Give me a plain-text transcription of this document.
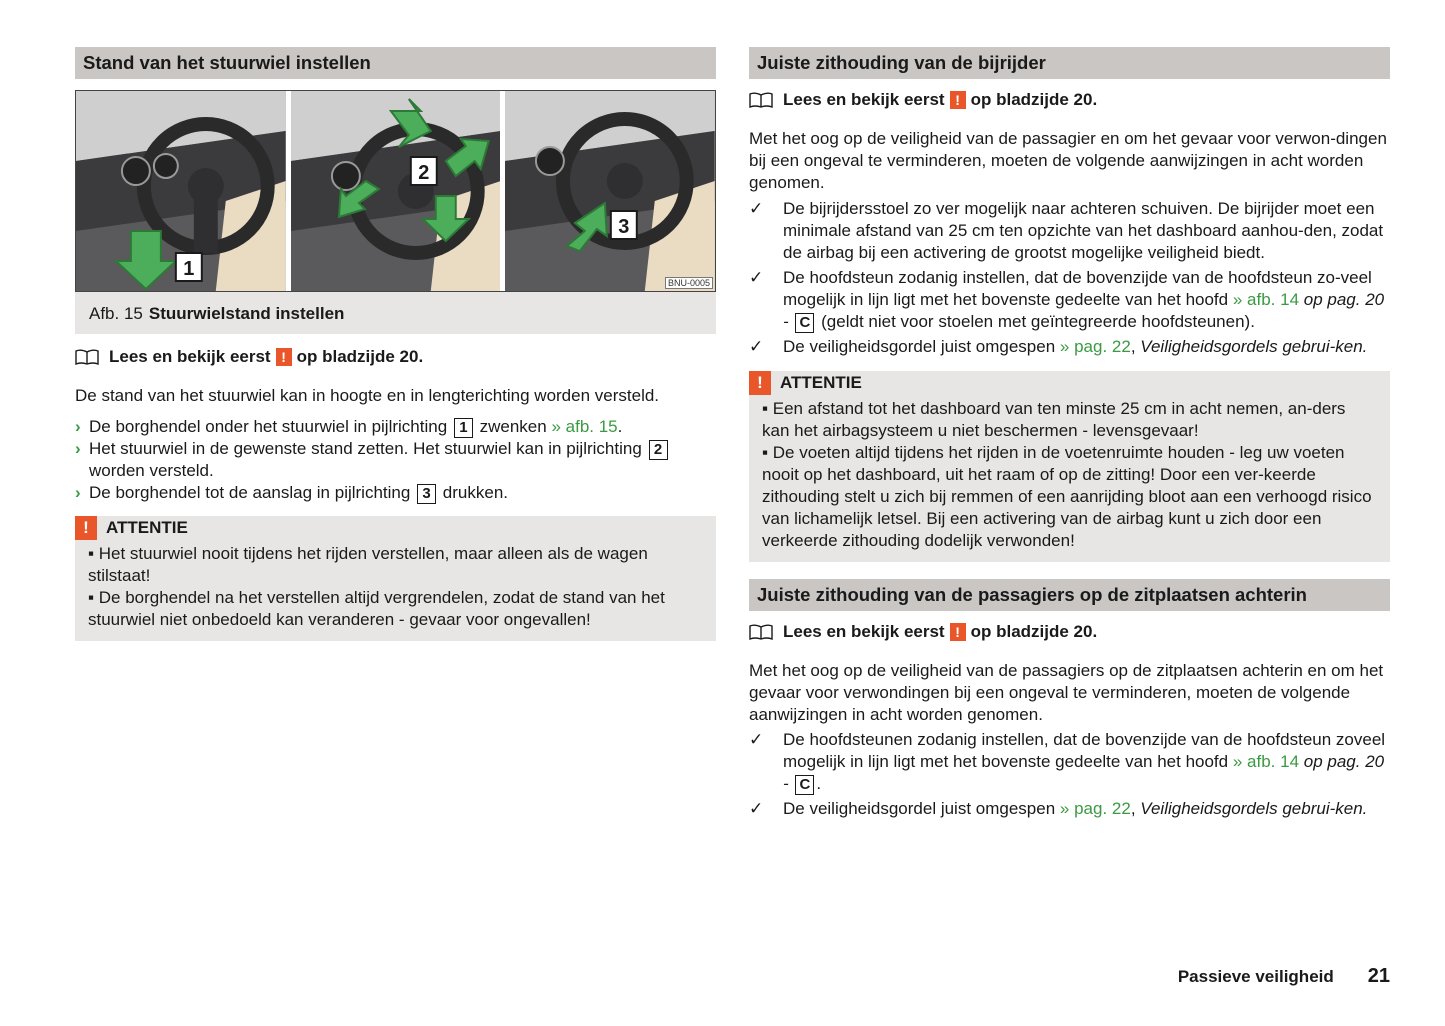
Stand van het stuurwiel instellen
1
2
3
BNU-0005
Afb. 15 Stuurwielstand instellen
Lees en bekijk eerst ! op bladzijde 20.
De stand van het stuurwiel kan in hoogte en in lengterichting worden versteld.
› De borghendel onder het stuurwiel in pijlrichting 1 zwenken » afb. 15.
› Het stuurwiel in de gewenste stand zetten. Het stuurwiel kan in pijlrichting 2 worden versteld.
› De borghendel tot de aanslag in pijlrichting 3 drukken.
!	ATTENTIE
▪ Het stuurwiel nooit tijdens het rijden verstellen, maar alleen als de wagen stilstaat!
▪ De borghendel na het verstellen altijd vergrendelen, zodat de stand van het stuurwiel niet onbedoeld kan veranderen - gevaar voor ongevallen!
Juiste zithouding van de bijrijder
Lees en bekijk eerst ! op bladzijde 20.
Met het oog op de veiligheid van de passagier en om het gevaar voor verwon-dingen bij een ongeval te verminderen, moeten de volgende aanwijzingen in acht worden genomen.
✓ De bijrijdersstoel zo ver mogelijk naar achteren schuiven. De bijrijder moet een minimale afstand van 25 cm ten opzichte van het dashboard aanhou-den, zodat de airbag bij een activering de grootst mogelijke veiligheid biedt.
✓ De hoofdsteun zodanig instellen, dat de bovenzijde van de hoofdsteun zo-veel mogelijk in lijn ligt met het bovenste gedeelte van het hoofd » afb. 14 op pag. 20 - C (geldt niet voor stoelen met geïntegreerde hoofdsteunen).
✓ De veiligheidsgordel juist omgespen » pag. 22, Veiligheidsgordels gebrui-ken.
!	ATTENTIE
▪ Een afstand tot het dashboard van ten minste 25 cm in acht nemen, an-ders kan het airbagsysteem u niet beschermen - levensgevaar!
▪ De voeten altijd tijdens het rijden in de voetenruimte houden - leg uw voeten nooit op het dashboard, uit het raam of op de zitting! Door een ver-keerde zithouding stelt u zich bij remmen of een aanrijding bloot aan een verhoogd risico van lichamelijk letsel. Bij een activering van de airbag kunt u zich door een verkeerde zithouding dodelijk verwonden!
Juiste zithouding van de passagiers op de zitplaatsen achterin
Lees en bekijk eerst ! op bladzijde 20.
Met het oog op de veiligheid van de passagiers op de zitplaatsen achterin en om het gevaar voor verwondingen bij een ongeval te verminderen, moeten de volgende aanwijzingen in acht worden genomen.
✓ De hoofdsteunen zodanig instellen, dat de bovenzijde van de hoofdsteun zoveel mogelijk in lijn ligt met het bovenste gedeelte van het hoofd » afb. 14 op pag. 20 - C .
✓ De veiligheidsgordel juist omgespen » pag. 22, Veiligheidsgordels gebrui-ken.
Passieve veiligheid 21
